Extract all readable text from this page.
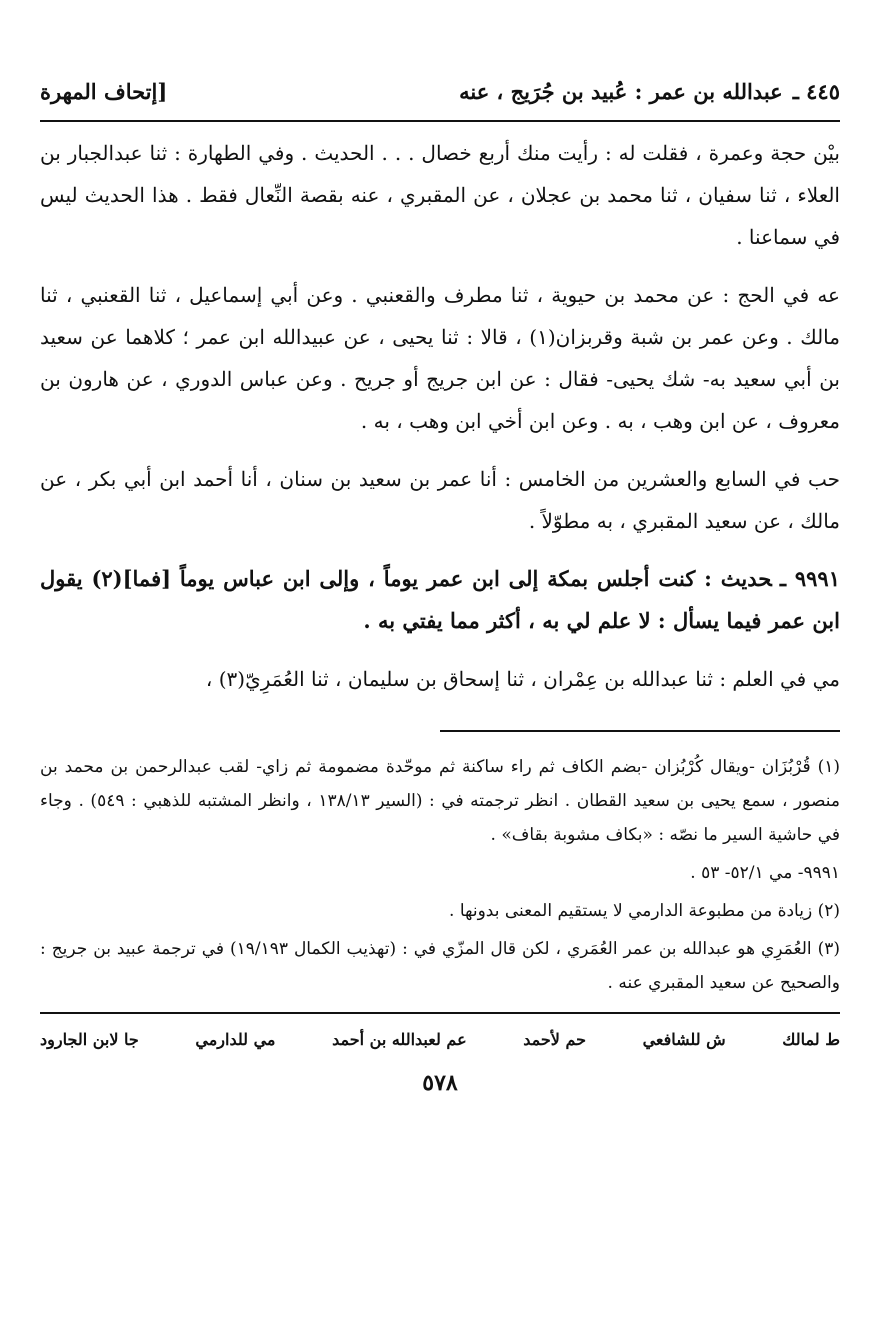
٤٤٥ ـ
عبدالله بن عمر : عُبيد بن جُرَيج ، عنه
[إتحاف المهرة

بيْن حجة وعمرة ، فقلت له : رأيت منك أربع خصال . . . الحديث . وفي الطهارة : ثنا عبدالجبار بن العلاء ، ثنا سفيان ، ثنا محمد بن عجلان ، عن المقبري ، عنه بقصة النِّعال فقط . هذا الحديث ليس في سماعنا .

عه في الحج : عن محمد بن حيوية ، ثنا مطرف والقعنبي . وعن أبي إسماعيل ، ثنا القعنبي ، ثنا مالك . وعن عمر بن شبة وقربزان(١) ، قالا : ثنا يحيى ، عن عبيدالله ابن عمر ؛ كلاهما عن سعيد بن أبي سعيد به- شك يحيى- فقال : عن ابن جريج أو جريح . وعن عباس الدوري ، عن هارون بن معروف ، عن ابن وهب ، به . وعن ابن أخي ابن وهب ، به .

حب في السابع والعشرين من الخامس : أنا عمر بن سعيد بن سنان ، أنا أحمد ابن أبي بكر ، عن مالك ، عن سعيد المقبري ، به مطوّلاً .

٩٩٩١ ـحديث : كنت أجلس بمكة إلى ابن عمر يوماً ، وإلى ابن عباس يوماً [فما](٢) يقول ابن عمر فيما يسأل : لا علم لي به ، أكثر مما يفتي به .

مي في العلم : ثنا عبدالله بن عِمْران ، ثنا إسحاق بن سليمان ، ثنا العُمَرِيّ(٣) ،

(١) قُرْبُزَان -ويقال كُرْبُزان -بضم الكاف ثم راء ساكنة ثم موحّدة مضمومة ثم زاي- لقب عبدالرحمن بن محمد بن منصور ، سمع يحيى بن سعيد القطان . انظر ترجمته في : (السير ١٣٨/١٣ ، وانظر المشتبه للذهبي : ٥٤٩) . وجاء في حاشية السير ما نصّه : «بكاف مشوبة بقاف» .

٩٩٩١- مي ٥٢/١- ٥٣ .

(٢) زيادة من مطبوعة الدارمي لا يستقيم المعنى بدونها .

(٣) العُمَرِي هو عبدالله بن عمر العُمَري ، لكن قال المزّي في : (تهذيب الكمال ١٩/١٩٣) في ترجمة عبيد بن جريج : والصحيح عن سعيد المقبري عنه .

ط لمالك
ش للشافعي
حم لأحمد
عم لعبدالله بن أحمد
مي للدارمي
جا لابن الجارود
٥٧٨
